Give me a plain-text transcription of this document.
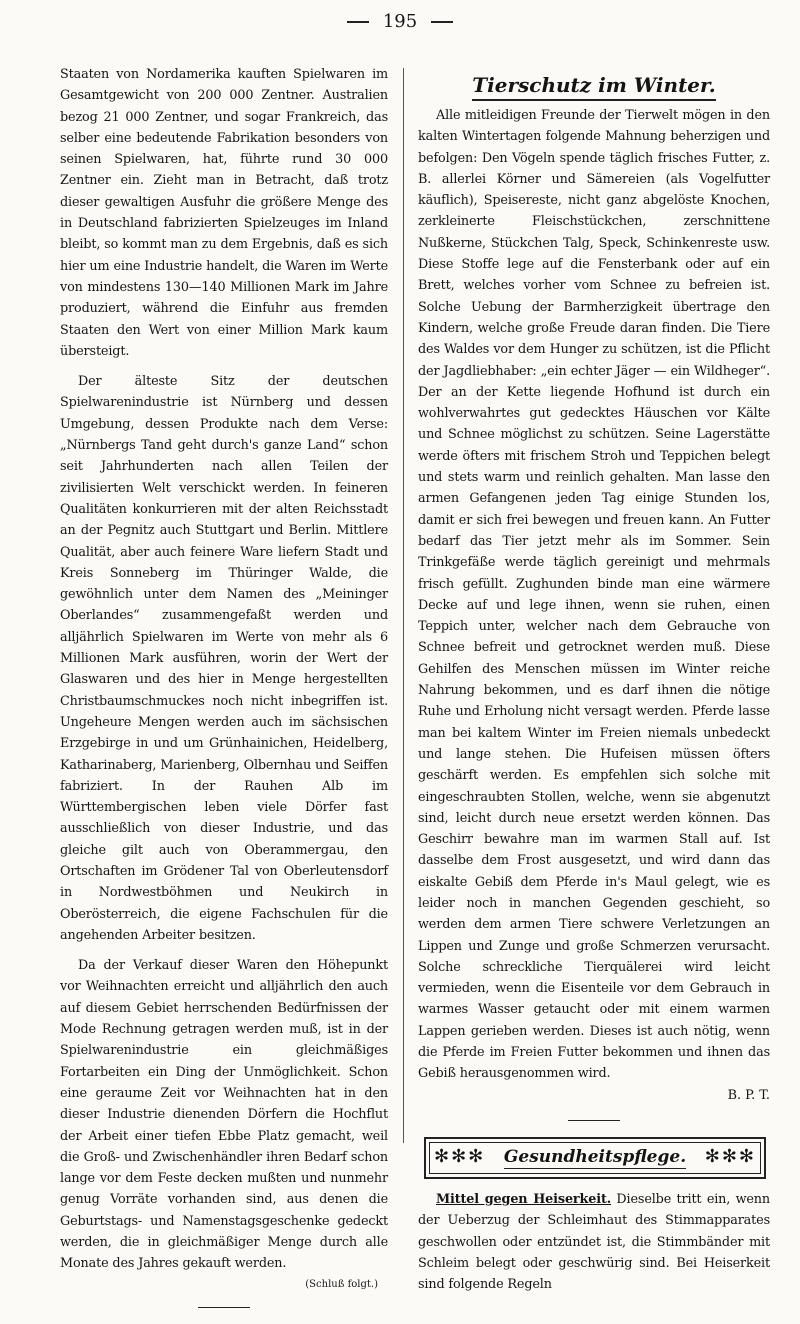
195

Staaten von Nordamerika kauften Spielwaren im Gesamtgewicht von 200 000 Zentner. Australien bezog 21 000 Zentner, und sogar Frankreich, das selber eine bedeutende Fabrikation besonders von seinen Spielwaren, hat, führte rund 30 000 Zentner ein. Zieht man in Betracht, daß trotz dieser gewaltigen Ausfuhr die größere Menge des in Deutschland fabrizierten Spielzeuges im Inland bleibt, so kommt man zu dem Ergebnis, daß es sich hier um eine Industrie handelt, die Waren im Werte von mindestens 130—140 Millionen Mark im Jahre produziert, während die Einfuhr aus fremden Staaten den Wert von einer Million Mark kaum übersteigt.

Der älteste Sitz der deutschen Spielwarenindustrie ist Nürnberg und dessen Umgebung, dessen Produkte nach dem Verse: „Nürnbergs Tand geht durch's ganze Land“ schon seit Jahrhunderten nach allen Teilen der zivilisierten Welt verschickt werden. In feineren Qualitäten konkurrieren mit der alten Reichsstadt an der Pegnitz auch Stuttgart und Berlin. Mittlere Qualität, aber auch feinere Ware liefern Stadt und Kreis Sonneberg im Thüringer Walde, die gewöhnlich unter dem Namen des „Meininger Oberlandes“ zusammengefaßt werden und alljährlich Spielwaren im Werte von mehr als 6 Millionen Mark ausführen, worin der Wert der Glaswaren und des hier in Menge hergestellten Christbaumschmuckes noch nicht inbegriffen ist. Ungeheure Mengen werden auch im sächsischen Erzgebirge in und um Grünhainichen, Heidelberg, Katharinaberg, Marienberg, Olbernhau und Seiffen fabriziert. In der Rauhen Alb im Württembergischen leben viele Dörfer fast ausschließlich von dieser Industrie, und das gleiche gilt auch von Oberammergau, den Ortschaften im Grödener Tal von Oberleutensdorf in Nordwestböhmen und Neukirch in Oberösterreich, die eigene Fachschulen für die angehenden Arbeiter besitzen.

Da der Verkauf dieser Waren den Höhepunkt vor Weihnachten erreicht und alljährlich den auch auf diesem Gebiet herrschenden Bedürfnissen der Mode Rechnung getragen werden muß, ist in der Spielwarenindustrie ein gleichmäßiges Fortarbeiten ein Ding der Unmöglichkeit. Schon eine geraume Zeit vor Weihnachten hat in den dieser Industrie dienenden Dörfern die Hochflut der Arbeit einer tiefen Ebbe Platz gemacht, weil die Groß- und Zwischenhändler ihren Bedarf schon lange vor dem Feste decken mußten und nunmehr genug Vorräte vorhanden sind, aus denen die Geburtstags- und Namenstagsgeschenke gedeckt werden, die in gleichmäßiger Menge durch alle Monate des Jahres gekauft werden.

(Schluß folgt.)
Tierschutz im Winter.

Alle mitleidigen Freunde der Tierwelt mögen in den kalten Wintertagen folgende Mahnung beherzigen und befolgen: Den Vögeln spende täglich frisches Futter, z. B. allerlei Körner und Sämereien (als Vogelfutter käuflich), Speisereste, nicht ganz abgelöste Knochen, zerkleinerte Fleischstückchen, zerschnittene Nußkerne, Stückchen Talg, Speck, Schinkenreste usw. Diese Stoffe lege auf die Fensterbank oder auf ein Brett, welches vorher vom Schnee zu befreien ist. Solche Uebung der Barmherzigkeit übertrage den Kindern, welche große Freude daran finden. Die Tiere des Waldes vor dem Hunger zu schützen, ist die Pflicht der Jagdliebhaber: „ein echter Jäger — ein Wildheger“. Der an der Kette liegende Hofhund ist durch ein wohlverwahrtes gut gedecktes Häuschen vor Kälte und Schnee möglichst zu schützen. Seine Lagerstätte werde öfters mit frischem Stroh und Teppichen belegt und stets warm und reinlich gehalten. Man lasse den armen Gefangenen jeden Tag einige Stunden los, damit er sich frei bewegen und freuen kann. An Futter bedarf das Tier jetzt mehr als im Sommer. Sein Trinkgefäße werde täglich gereinigt und mehrmals frisch gefüllt. Zughunden binde man eine wärmere Decke auf und lege ihnen, wenn sie ruhen, einen Teppich unter, welcher nach dem Gebrauche von Schnee befreit und getrocknet werden muß. Diese Gehilfen des Menschen müssen im Winter reiche Nahrung bekommen, und es darf ihnen die nötige Ruhe und Erholung nicht versagt werden. Pferde lasse man bei kaltem Winter im Freien niemals unbedeckt und lange stehen. Die Hufeisen müssen öfters geschärft werden. Es empfehlen sich solche mit eingeschraubten Stollen, welche, wenn sie abgenutzt sind, leicht durch neue ersetzt werden können. Das Geschirr bewahre man im warmen Stall auf. Ist dasselbe dem Frost ausgesetzt, und wird dann das eiskalte Gebiß dem Pferde in's Maul gelegt, wie es leider noch in manchen Gegenden geschieht, so werden dem armen Tiere schwere Verletzungen an Lippen und Zunge und große Schmerzen verursacht. Solche schreckliche Tierquälerei wird leicht vermieden, wenn die Eisenteile vor dem Gebrauch in warmes Wasser getaucht oder mit einem warmen Lappen gerieben werden. Dieses ist auch nötig, wenn die Pferde im Freien Futter bekommen und ihnen das Gebiß herausgenommen wird.

B. P. T.
✻✻✻ Gesundheitspflege. ✻✻✻

Mittel gegen Heiserkeit. Dieselbe tritt ein, wenn der Ueberzug der Schleimhaut des Stimmapparates geschwollen oder entzündet ist, die Stimmbänder mit Schleim belegt oder geschwürig sind. Bei Heiserkeit sind folgende Regeln
